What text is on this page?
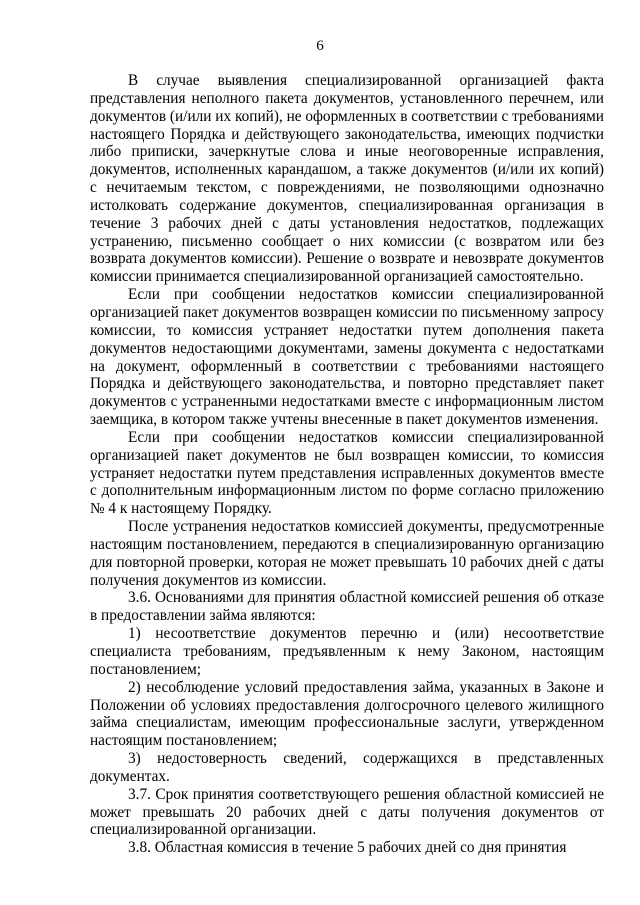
6

В случае выявления специализированной организацией факта представления неполного пакета документов, установленного перечнем, или документов (и/или их копий), не оформленных в соответствии с требованиями настоящего Порядка и действующего законодательства, имеющих подчистки либо приписки, зачеркнутые слова и иные неоговоренные исправления, документов, исполненных карандашом, а также документов (и/или их копий) с нечитаемым текстом, с повреждениями, не позволяющими однозначно истолковать содержание документов, специализированная организация в течение 3 рабочих дней с даты установления недостатков, подлежащих устранению, письменно сообщает о них комиссии (с возвратом или без возврата документов комиссии). Решение о возврате и невозврате документов комиссии принимается специализированной организацией самостоятельно.

Если при сообщении недостатков комиссии специализированной организацией пакет документов возвращен комиссии по письменному запросу комиссии, то комиссия устраняет недостатки путем дополнения пакета документов недостающими документами, замены документа с недостатками на документ, оформленный в соответствии с требованиями настоящего Порядка и действующего законодательства, и повторно представляет пакет документов с устраненными недостатками вместе с информационным листом заемщика, в котором также учтены внесенные в пакет документов изменения.

Если при сообщении недостатков комиссии специализированной организацией пакет документов не был возвращен комиссии, то комиссия устраняет недостатки путем представления исправленных документов вместе с дополнительным информационным листом по форме согласно приложению № 4 к настоящему Порядку.

После устранения недостатков комиссией документы, предусмотренные настоящим постановлением, передаются в специализированную организацию для повторной проверки, которая не может превышать 10 рабочих дней с даты получения документов из комиссии.

3.6. Основаниями для принятия областной комиссией решения об отказе в предоставлении займа являются:

1) несоответствие документов перечню и (или) несоответствие специалиста требованиям, предъявленным к нему Законом, настоящим постановлением;

2) несоблюдение условий предоставления займа, указанных в Законе и Положении об условиях предоставления долгосрочного целевого жилищного займа специалистам, имеющим профессиональные заслуги, утвержденном настоящим постановлением;

3) недостоверность сведений, содержащихся в представленных документах.

3.7. Срок принятия соответствующего решения областной комиссией не может превышать 20 рабочих дней с даты получения документов от специализированной организации.

3.8. Областная комиссия в течение 5 рабочих дней со дня принятия
